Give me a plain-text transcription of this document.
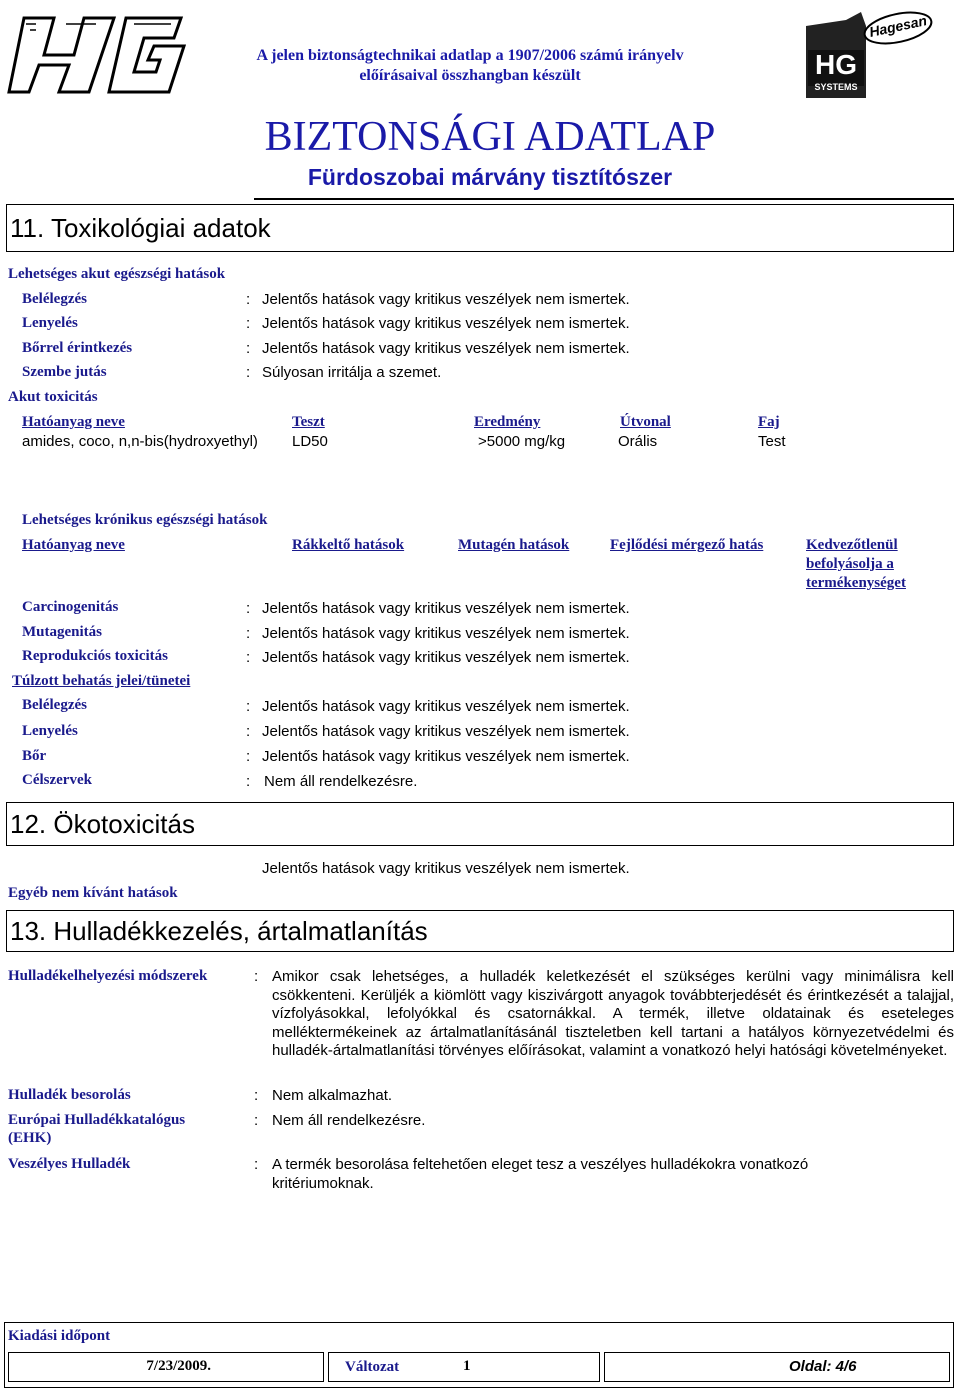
A jelen biztonságtechnikai adatlap a 1907/2006 számú irányelv
előírásaival összhangban készült
BIZTONSÁGI ADATLAP
Fürdoszobai márvány tisztítószer
Hagesan
HG
SYSTEMS
11. Toxikológiai adatok
Lehetséges akut egészségi hatások
Belélegzés	: Jelentős hatások vagy kritikus veszélyek nem ismertek.
Lenyelés	: Jelentős hatások vagy kritikus veszélyek nem ismertek.
Bőrrel érintkezés	: Jelentős hatások vagy kritikus veszélyek nem ismertek.
Szembe jutás	: Súlyosan irritálja a szemet.
Akut toxicitás
Hatóanyag neve	Teszt	Eredmény	Útvonal	Faj
amides, coco, n,n-bis(hydroxyethyl) LD50	>5000 mg/kg	Orális	Test
Lehetséges krónikus egészségi hatások
Hatóanyag neve	Rákkeltő hatások	Mutagén hatások	Fejlődési mérgező hatás	Kedvezőtlenül
befolyásolja a
termékenységet
Carcinogenitás	: Jelentős hatások vagy kritikus veszélyek nem ismertek.
Mutagenitás	: Jelentős hatások vagy kritikus veszélyek nem ismertek.
Reprodukciós toxicitás	: Jelentős hatások vagy kritikus veszélyek nem ismertek.
Túlzott behatás jelei/tünetei
Belélegzés	: Jelentős hatások vagy kritikus veszélyek nem ismertek.
Lenyelés	: Jelentős hatások vagy kritikus veszélyek nem ismertek.
Bőr	: Jelentős hatások vagy kritikus veszélyek nem ismertek.
Célszervek	: Nem áll rendelkezésre.
12. Ökotoxicitás
Jelentős hatások vagy kritikus veszélyek nem ismertek.
Egyéb nem kívánt hatások
13. Hulladékkezelés, ártalmatlanítás
Hulladékelhelyezési módszerek	: Amikor csak lehetséges, a hulladék keletkezését el szükséges kerülni vagy minimálisra kell csökkenteni. Kerüljék a kiömlött vagy kiszivárgott anyagok továbbterjedését és érintkezését a talajjal, vízfolyásokkal, lefolyókkal és csatornákkal. A termék, illetve oldatainak és eseteleges melléktermékeinek az ártalmatlanításánál tiszteletben kell tartani a hatályos környezetvédelmi és hulladék-ártalmatlanítási törvényes előírásokat, valamint a vonatkozó helyi hatósági követelményeket.
Hulladék besorolás	: Nem alkalmazhat.
Európai Hulladékkatalógus
(EHK)
: Nem áll rendelkezésre.
Veszélyes Hulladék	: A termék besorolása feltehetően eleget tesz a veszélyes hulladékokra vonatkozó kritériumoknak.
Kiadási időpont
7/23/2009.	Változat	1	Oldal: 4/6
